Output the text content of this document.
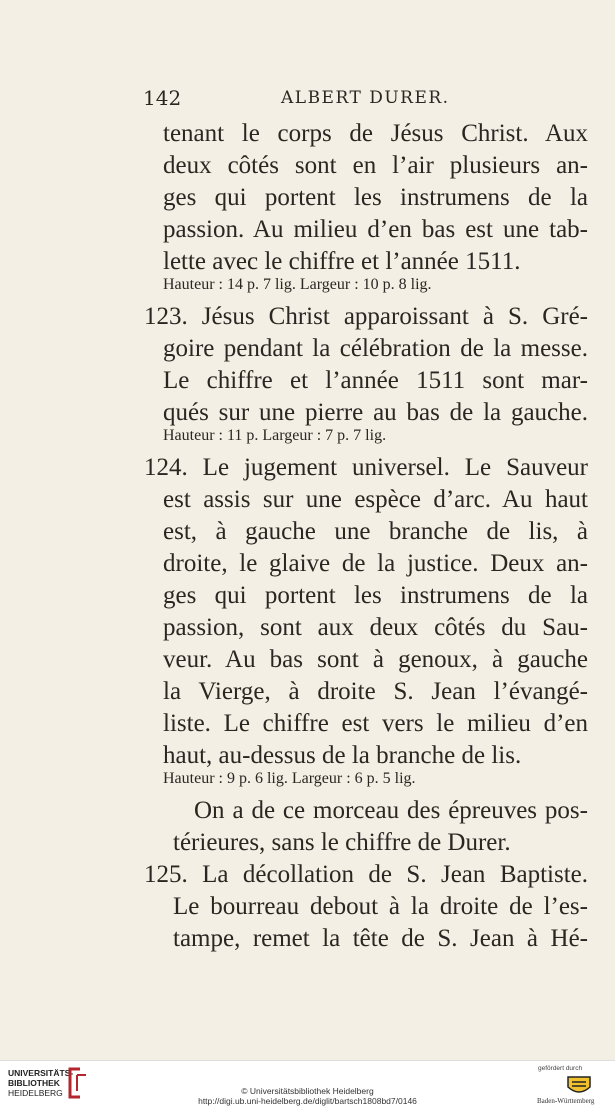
142	ALBERT DURER.
tenant le corps de Jésus Christ. Aux
deux côtés sont en l’air plusieurs an-
ges qui portent les instrumens de la
passion. Au milieu d’en bas est une tab-
lette avec le chiffre et l’année 1511.
Hauteur : 14 p. 7 lig. Largeur : 10 p. 8 lig.
123. Jésus Christ apparoissant à S. Gré-
goire pendant la célébration de la messe.
Le chiffre et l’année 1511 sont mar-
qués sur une pierre au bas de la gauche.
Hauteur : 11 p. Largeur : 7 p. 7 lig.
124. Le jugement universel. Le Sauveur
est assis sur une espèce d’arc. Au haut
est, à gauche une branche de lis, à
droite, le glaive de la justice. Deux an-
ges qui portent les instrumens de la
passion, sont aux deux côtés du Sau-
veur. Au bas sont à genoux, à gauche
la Vierge, à droite S. Jean l’évangé-
liste. Le chiffre est vers le milieu d’en
haut, au-dessus de la branche de lis.
Hauteur : 9 p. 6 lig. Largeur : 6 p. 5 lig.
On a de ce morceau des épreuves pos-
térieures, sans le chiffre de Durer.
125. La décollation de S. Jean Baptiste.
Le bourreau debout à la droite de l’es-
tampe, remet la tête de S. Jean à Hé-
UNIVERSITÄTS-
BIBLIOTHEK
HEIDELBERG	© Universitätsbibliothek Heidelberg
http://digi.ub.uni-heidelberg.de/diglit/bartsch1808bd7/0146
gefördert durch
Baden-Württemberg
